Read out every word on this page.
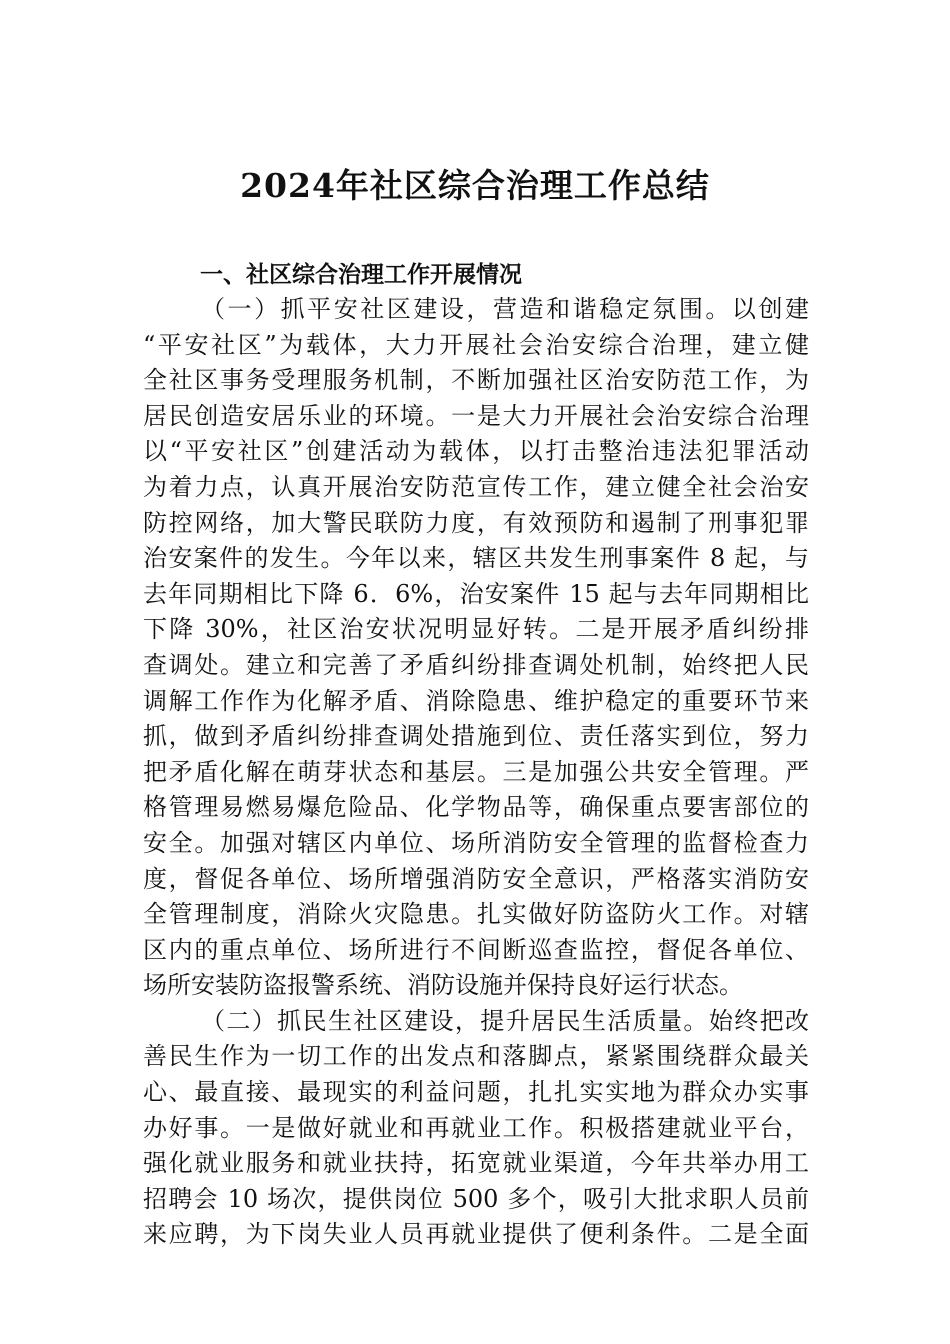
2024年社区综合治理工作总结
一、社区综合治理工作开展情况
（一）抓平安社区建设，营造和谐稳定氛围。以创建
“平安社区”为载体，大力开展社会治安综合治理，建立健
全社区事务受理服务机制，不断加强社区治安防范工作，为
居民创造安居乐业的环境。一是大力开展社会治安综合治理
以“平安社区”创建活动为载体，以打击整治违法犯罪活动
为着力点，认真开展治安防范宣传工作，建立健全社会治安
防控网络，加大警民联防力度，有效预防和遏制了刑事犯罪
治安案件的发生。今年以来，辖区共发生刑事案件 8 起，与
去年同期相比下降 6．6%，治安案件 15 起与去年同期相比
下降 30%，社区治安状况明显好转。二是开展矛盾纠纷排
查调处。建立和完善了矛盾纠纷排查调处机制，始终把人民
调解工作作为化解矛盾、消除隐患、维护稳定的重要环节来
抓，做到矛盾纠纷排查调处措施到位、责任落实到位，努力
把矛盾化解在萌芽状态和基层。三是加强公共安全管理。严
格管理易燃易爆危险品、化学物品等，确保重点要害部位的
安全。加强对辖区内单位、场所消防安全管理的监督检查力
度，督促各单位、场所增强消防安全意识，严格落实消防安
全管理制度，消除火灾隐患。扎实做好防盗防火工作。对辖
区内的重点单位、场所进行不间断巡查监控，督促各单位、
场所安装防盗报警系统、消防设施并保持良好运行状态。
（二）抓民生社区建设，提升居民生活质量。始终把改
善民生作为一切工作的出发点和落脚点，紧紧围绕群众最关
心、最直接、最现实的利益问题，扎扎实实地为群众办实事
办好事。一是做好就业和再就业工作。积极搭建就业平台，
强化就业服务和就业扶持，拓宽就业渠道，今年共举办用工
招聘会 10 场次，提供岗位 500 多个，吸引大批求职人员前
来应聘，为下岗失业人员再就业提供了便利条件。二是全面
